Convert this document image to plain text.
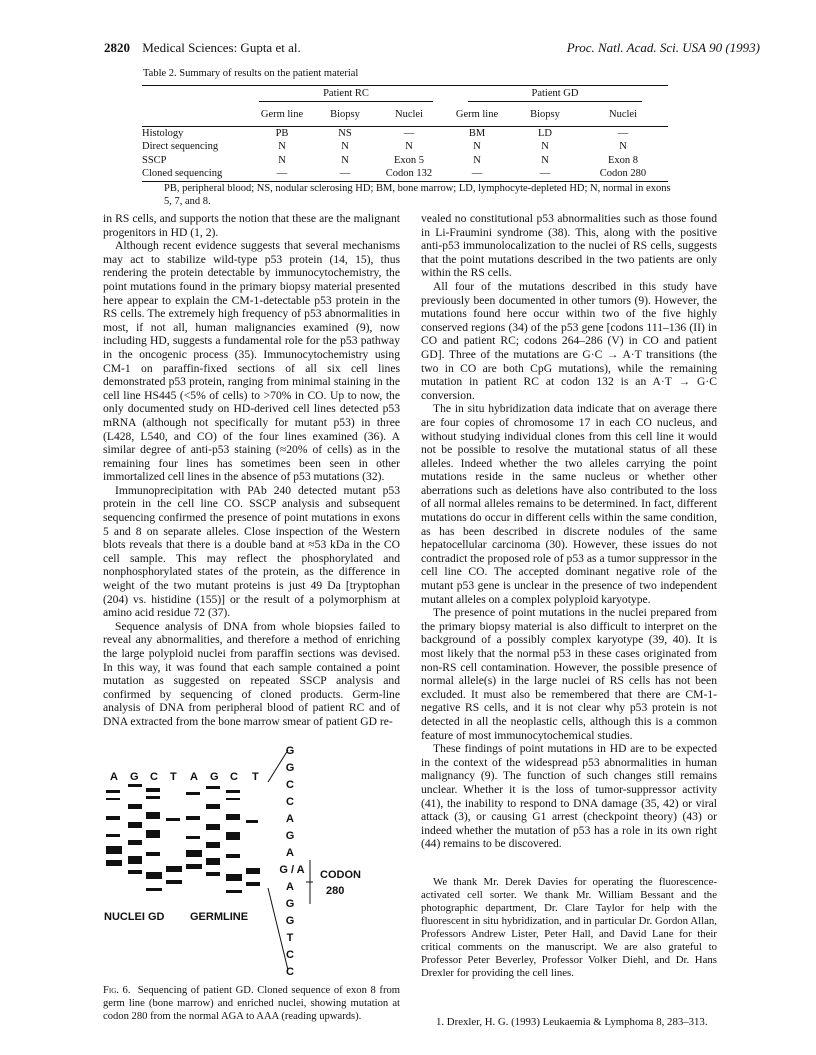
2820 Medical Sciences: Gupta et al.	Proc. Natl. Acad. Sci. USA 90 (1993)
Table 2. Summary of results on the patient material
	Patient RC			Patient GD		
	Germ line	Biopsy	Nuclei	Germ line	Biopsy	Nuclei
Histology	PB	NS	—	BM	LD	—
Direct sequencing	N	N	N	N	N	N
SSCP	N	N	Exon 5	N	N	Exon 8
Cloned sequencing	—	—	Codon 132	—	—	Codon 280
PB, peripheral blood; NS, nodular sclerosing HD; BM, bone marrow; LD, lymphocyte-depleted HD; N, normal in exons 5, 7, and 8.

in RS cells, and supports the notion that these are the malignant progenitors in HD (1, 2).

Although recent evidence suggests that several mechanisms may act to stabilize wild-type p53 protein (14, 15), thus rendering the protein detectable by immunocytochemistry, the point mutations found in the primary biopsy material presented here appear to explain the CM-1-detectable p53 protein in the RS cells. The extremely high frequency of p53 abnormalities in most, if not all, human malignancies examined (9), now including HD, suggests a fundamental role for the p53 pathway in the oncogenic process (35). Immunocytochemistry using CM-1 on paraffin-fixed sections of all six cell lines demonstrated p53 protein, ranging from minimal staining in the cell line HS445 (<5% of cells) to >70% in CO. Up to now, the only documented study on HD-derived cell lines detected p53 mRNA (although not specifically for mutant p53) in three (L428, L540, and CO) of the four lines examined (36). A similar degree of anti-p53 staining (≈20% of cells) as in the remaining four lines has sometimes been seen in other immortalized cell lines in the absence of p53 mutations (32).

Immunoprecipitation with PAb 240 detected mutant p53 protein in the cell line CO. SSCP analysis and subsequent sequencing confirmed the presence of point mutations in exons 5 and 8 on separate alleles. Close inspection of the Western blots reveals that there is a double band at ≈53 kDa in the CO cell sample. This may reflect the phosphorylated and nonphosphorylated states of the protein, as the difference in weight of the two mutant proteins is just 49 Da [tryptophan (204) vs. histidine (155)] or the result of a polymorphism at amino acid residue 72 (37).

Sequence analysis of DNA from whole biopsies failed to reveal any abnormalities, and therefore a method of enriching the large polyploid nuclei from paraffin sections was devised. In this way, it was found that each sample contained a point mutation as suggested on repeated SSCP analysis and confirmed by sequencing of cloned products. Germ-line analysis of DNA from peripheral blood of patient RC and of DNA extracted from the bone marrow smear of patient GD re-

A G C T A G C T
NUCLEI GD GERMLINE
G
G
C
C
A
G
A
G / A
A
G
G
T
C
C
CODON
280
Fig. 6. Sequencing of patient GD. Cloned sequence of exon 8 from germ line (bone marrow) and enriched nuclei, showing mutation at codon 280 from the normal AGA to AAA (reading upwards).

vealed no constitutional p53 abnormalities such as those found in Li-Fraumini syndrome (38). This, along with the positive anti-p53 immunolocalization to the nuclei of RS cells, suggests that the point mutations described in the two patients are only within the RS cells.

All four of the mutations described in this study have previously been documented in other tumors (9). However, the mutations found here occur within two of the five highly conserved regions (34) of the p53 gene [codons 111–136 (II) in CO and patient RC; codons 264–286 (V) in CO and patient GD]. Three of the mutations are G·C → A·T transitions (the two in CO are both CpG mutations), while the remaining mutation in patient RC at codon 132 is an A·T → G·C conversion.

The in situ hybridization data indicate that on average there are four copies of chromosome 17 in each CO nucleus, and without studying individual clones from this cell line it would not be possible to resolve the mutational status of all these alleles. Indeed whether the two alleles carrying the point mutations reside in the same nucleus or whether other aberrations such as deletions have also contributed to the loss of all normal alleles remains to be determined. In fact, different mutations do occur in different cells within the same condition, as has been described in discrete nodules of the same hepatocellular carcinoma (30). However, these issues do not contradict the proposed role of p53 as a tumor suppressor in the cell line CO. The accepted dominant negative role of the mutant p53 gene is unclear in the presence of two independent mutant alleles on a complex polyploid karyotype.

The presence of point mutations in the nuclei prepared from the primary biopsy material is also difficult to interpret on the background of a possibly complex karyotype (39, 40). It is most likely that the normal p53 in these cases originated from non-RS cell contamination. However, the possible presence of normal allele(s) in the large nuclei of RS cells has not been excluded. It must also be remembered that there are CM-1-negative RS cells, and it is not clear why p53 protein is not detected in all the neoplastic cells, although this is a common feature of most immunocytochemical studies.

These findings of point mutations in HD are to be expected in the context of the widespread p53 abnormalities in human malignancy (9). The function of such changes still remains unclear. Whether it is the loss of tumor-suppressor activity (41), the inability to respond to DNA damage (35, 42) or viral attack (3), or causing G1 arrest (checkpoint theory) (43) or indeed whether the mutation of p53 has a role in its own right (44) remains to be discovered.

We thank Mr. Derek Davies for operating the fluorescence-activated cell sorter. We thank Mr. William Bessant and the photographic department, Dr. Clare Taylor for help with the fluorescent in situ hybridization, and in particular Dr. Gordon Allan, Professors Andrew Lister, Peter Hall, and David Lane for their critical comments on the manuscript. We are also grateful to Professor Peter Beverley, Professor Volker Diehl, and Dr. Hans Drexler for providing the cell lines.

1. Drexler, H. G. (1993) Leukaemia & Lymphoma 8, 283–313.
